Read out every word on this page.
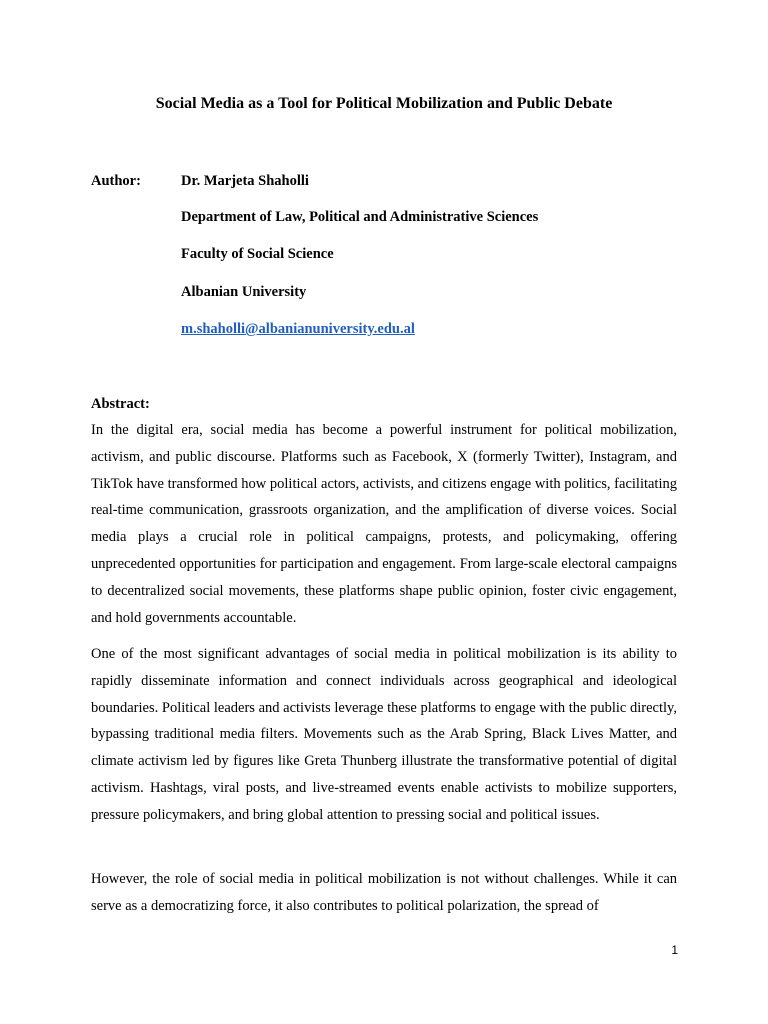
Social Media as a Tool for Political Mobilization and Public Debate
Author:	Dr. Marjeta Shaholli
Department of Law, Political and Administrative Sciences
Faculty of Social Science
Albanian University
m.shaholli@albanianuniversity.edu.al
Abstract:
In the digital era, social media has become a powerful instrument for political mobilization, activism, and public discourse. Platforms such as Facebook, X (formerly Twitter), Instagram, and TikTok have transformed how political actors, activists, and citizens engage with politics, facilitating real-time communication, grassroots organization, and the amplification of diverse voices. Social media plays a crucial role in political campaigns, protests, and policymaking, offering unprecedented opportunities for participation and engagement. From large-scale electoral campaigns to decentralized social movements, these platforms shape public opinion, foster civic engagement, and hold governments accountable.
One of the most significant advantages of social media in political mobilization is its ability to rapidly disseminate information and connect individuals across geographical and ideological boundaries. Political leaders and activists leverage these platforms to engage with the public directly, bypassing traditional media filters. Movements such as the Arab Spring, Black Lives Matter, and climate activism led by figures like Greta Thunberg illustrate the transformative potential of digital activism. Hashtags, viral posts, and live-streamed events enable activists to mobilize supporters, pressure policymakers, and bring global attention to pressing social and political issues.
However, the role of social media in political mobilization is not without challenges. While it can serve as a democratizing force, it also contributes to political polarization, the spread of
1
